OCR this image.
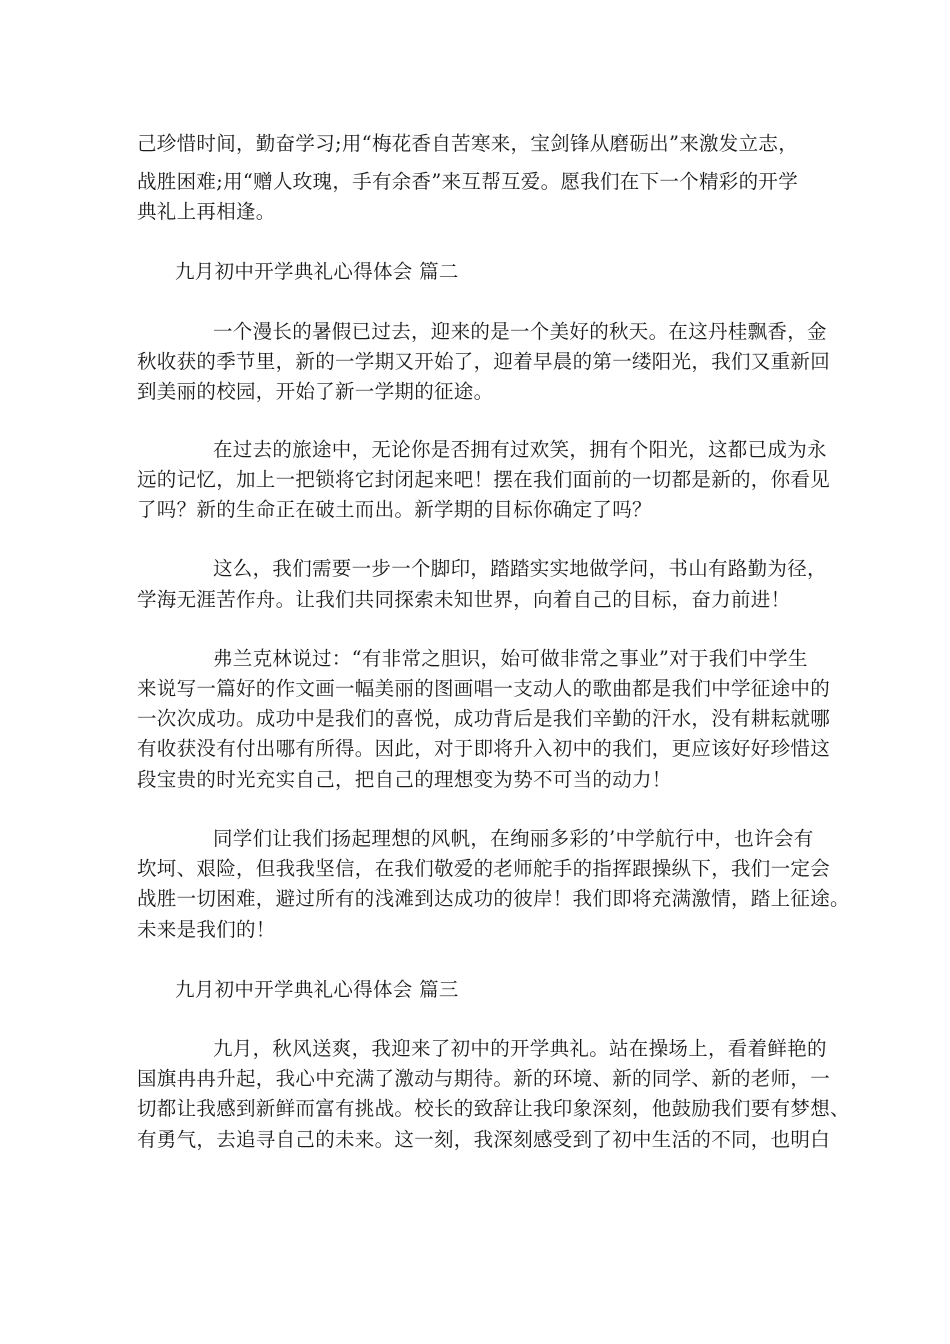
己珍惜时间，勤奋学习;用“梅花香自苦寒来，宝剑锋从磨砺出”来激发立志，
战胜困难;用“赠人玫瑰，手有余香”来互帮互爱。愿我们在下一个精彩的开学
典礼上再相逢。
九月初中开学典礼心得体会 篇二
一个漫长的暑假已过去，迎来的是一个美好的秋天。在这丹桂飘香，金
秋收获的季节里，新的一学期又开始了，迎着早晨的第一缕阳光，我们又重新回
到美丽的校园，开始了新一学期的征途。
在过去的旅途中，无论你是否拥有过欢笑，拥有个阳光，这都已成为永
远的记忆，加上一把锁将它封闭起来吧！摆在我们面前的一切都是新的，你看见
了吗？新的生命正在破土而出。新学期的目标你确定了吗？
这么，我们需要一步一个脚印，踏踏实实地做学问，书山有路勤为径，
学海无涯苦作舟。让我们共同探索未知世界，向着自己的目标，奋力前进！
弗兰克林说过：“有非常之胆识，始可做非常之事业”对于我们中学生
来说写一篇好的作文画一幅美丽的图画唱一支动人的歌曲都是我们中学征途中的
一次次成功。成功中是我们的喜悦，成功背后是我们辛勤的汗水，没有耕耘就哪
有收获没有付出哪有所得。因此，对于即将升入初中的我们，更应该好好珍惜这
段宝贵的时光充实自己，把自己的理想变为势不可当的动力！
同学们让我们扬起理想的风帆，在绚丽多彩的’中学航行中，也许会有
坎坷、艰险，但我我坚信，在我们敬爱的老师舵手的指挥跟操纵下，我们一定会
战胜一切困难，避过所有的浅滩到达成功的彼岸！我们即将充满激情，踏上征途。
未来是我们的！
九月初中开学典礼心得体会 篇三
九月，秋风送爽，我迎来了初中的开学典礼。站在操场上，看着鲜艳的
国旗冉冉升起，我心中充满了激动与期待。新的环境、新的同学、新的老师，一
切都让我感到新鲜而富有挑战。校长的致辞让我印象深刻，他鼓励我们要有梦想、
有勇气，去追寻自己的未来。这一刻，我深刻感受到了初中生活的不同，也明白
